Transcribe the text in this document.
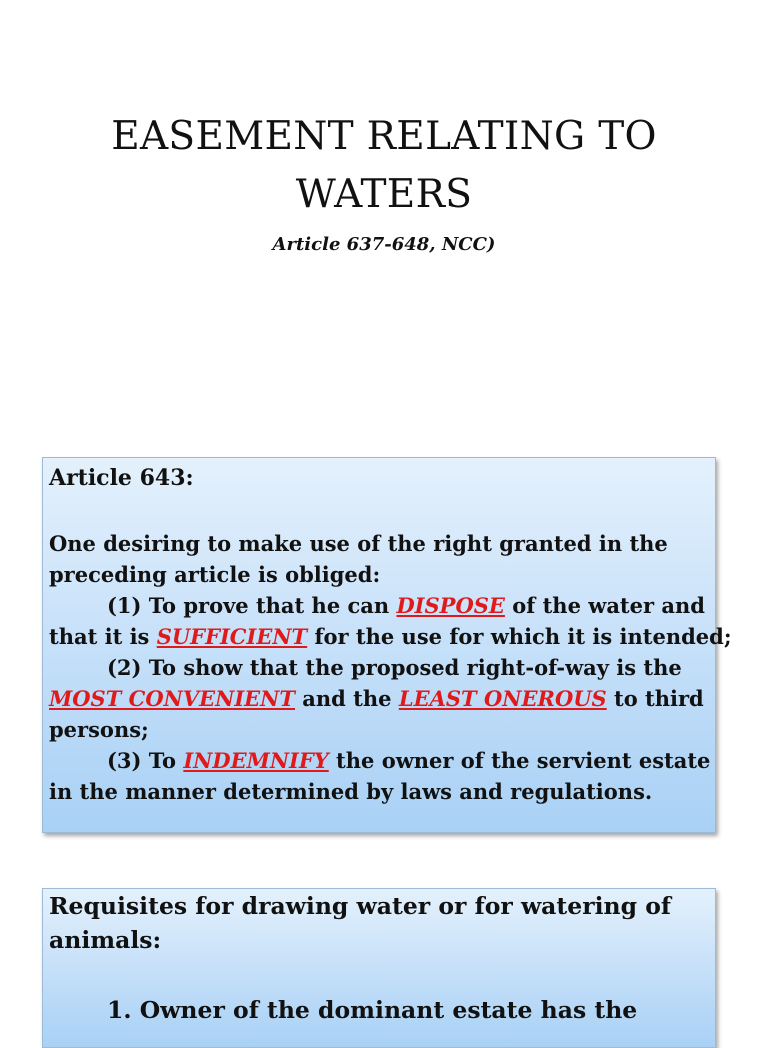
EASEMENT RELATING TO
WATERS
Article 637-648, NCC)
Article 643:
One desiring to make use of the right granted in the
preceding article is obliged:
(1) To prove that he can DISPOSE of the water and
that it is SUFFICIENT for the use for which it is intended;
(2) To show that the proposed right-of-way is the
MOST CONVENIENT and the LEAST ONEROUS to third
persons;
(3) To INDEMNIFY the owner of the servient estate
in the manner determined by laws and regulations.
Requisites for drawing water or for watering of
animals:
1. Owner of the dominant estate has the
